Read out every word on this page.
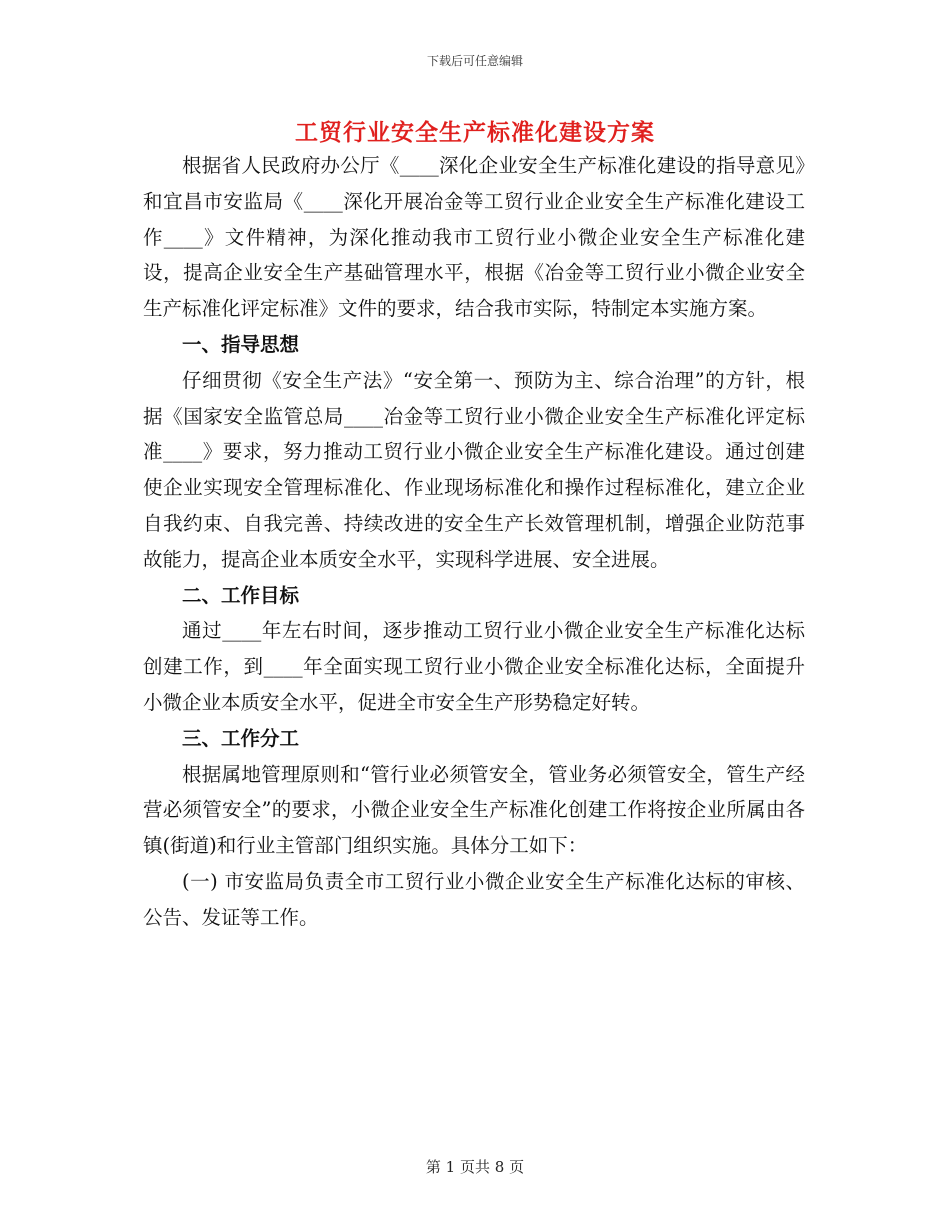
下载后可任意编辑
工贸行业安全生产标准化建设方案

根据省人民政府办公厅《____深化企业安全生产标准化建设的指导意见》和宜昌市安监局《____深化开展冶金等工贸行业企业安全生产标准化建设工作____》文件精神，为深化推动我市工贸行业小微企业安全生产标准化建设，提高企业安全生产基础管理水平，根据《冶金等工贸行业小微企业安全生产标准化评定标准》文件的要求，结合我市实际，特制定本实施方案。

一、指导思想

仔细贯彻《安全生产法》“安全第一、预防为主、综合治理”的方针，根据《国家安全监管总局____冶金等工贸行业小微企业安全生产标准化评定标准____》要求，努力推动工贸行业小微企业安全生产标准化建设。通过创建使企业实现安全管理标准化、作业现场标准化和操作过程标准化，建立企业自我约束、自我完善、持续改进的安全生产长效管理机制，增强企业防范事故能力，提高企业本质安全水平，实现科学进展、安全进展。

二、工作目标

通过____年左右时间，逐步推动工贸行业小微企业安全生产标准化达标创建工作，到____年全面实现工贸行业小微企业安全标准化达标，全面提升小微企业本质安全水平，促进全市安全生产形势稳定好转。

三、工作分工

根据属地管理原则和“管行业必须管安全，管业务必须管安全，管生产经营必须管安全”的要求，小微企业安全生产标准化创建工作将按企业所属由各镇(街道)和行业主管部门组织实施。具体分工如下：

(一) 市安监局负责全市工贸行业小微企业安全生产标准化达标的审核、公告、发证等工作。

第 1 页共 8 页
